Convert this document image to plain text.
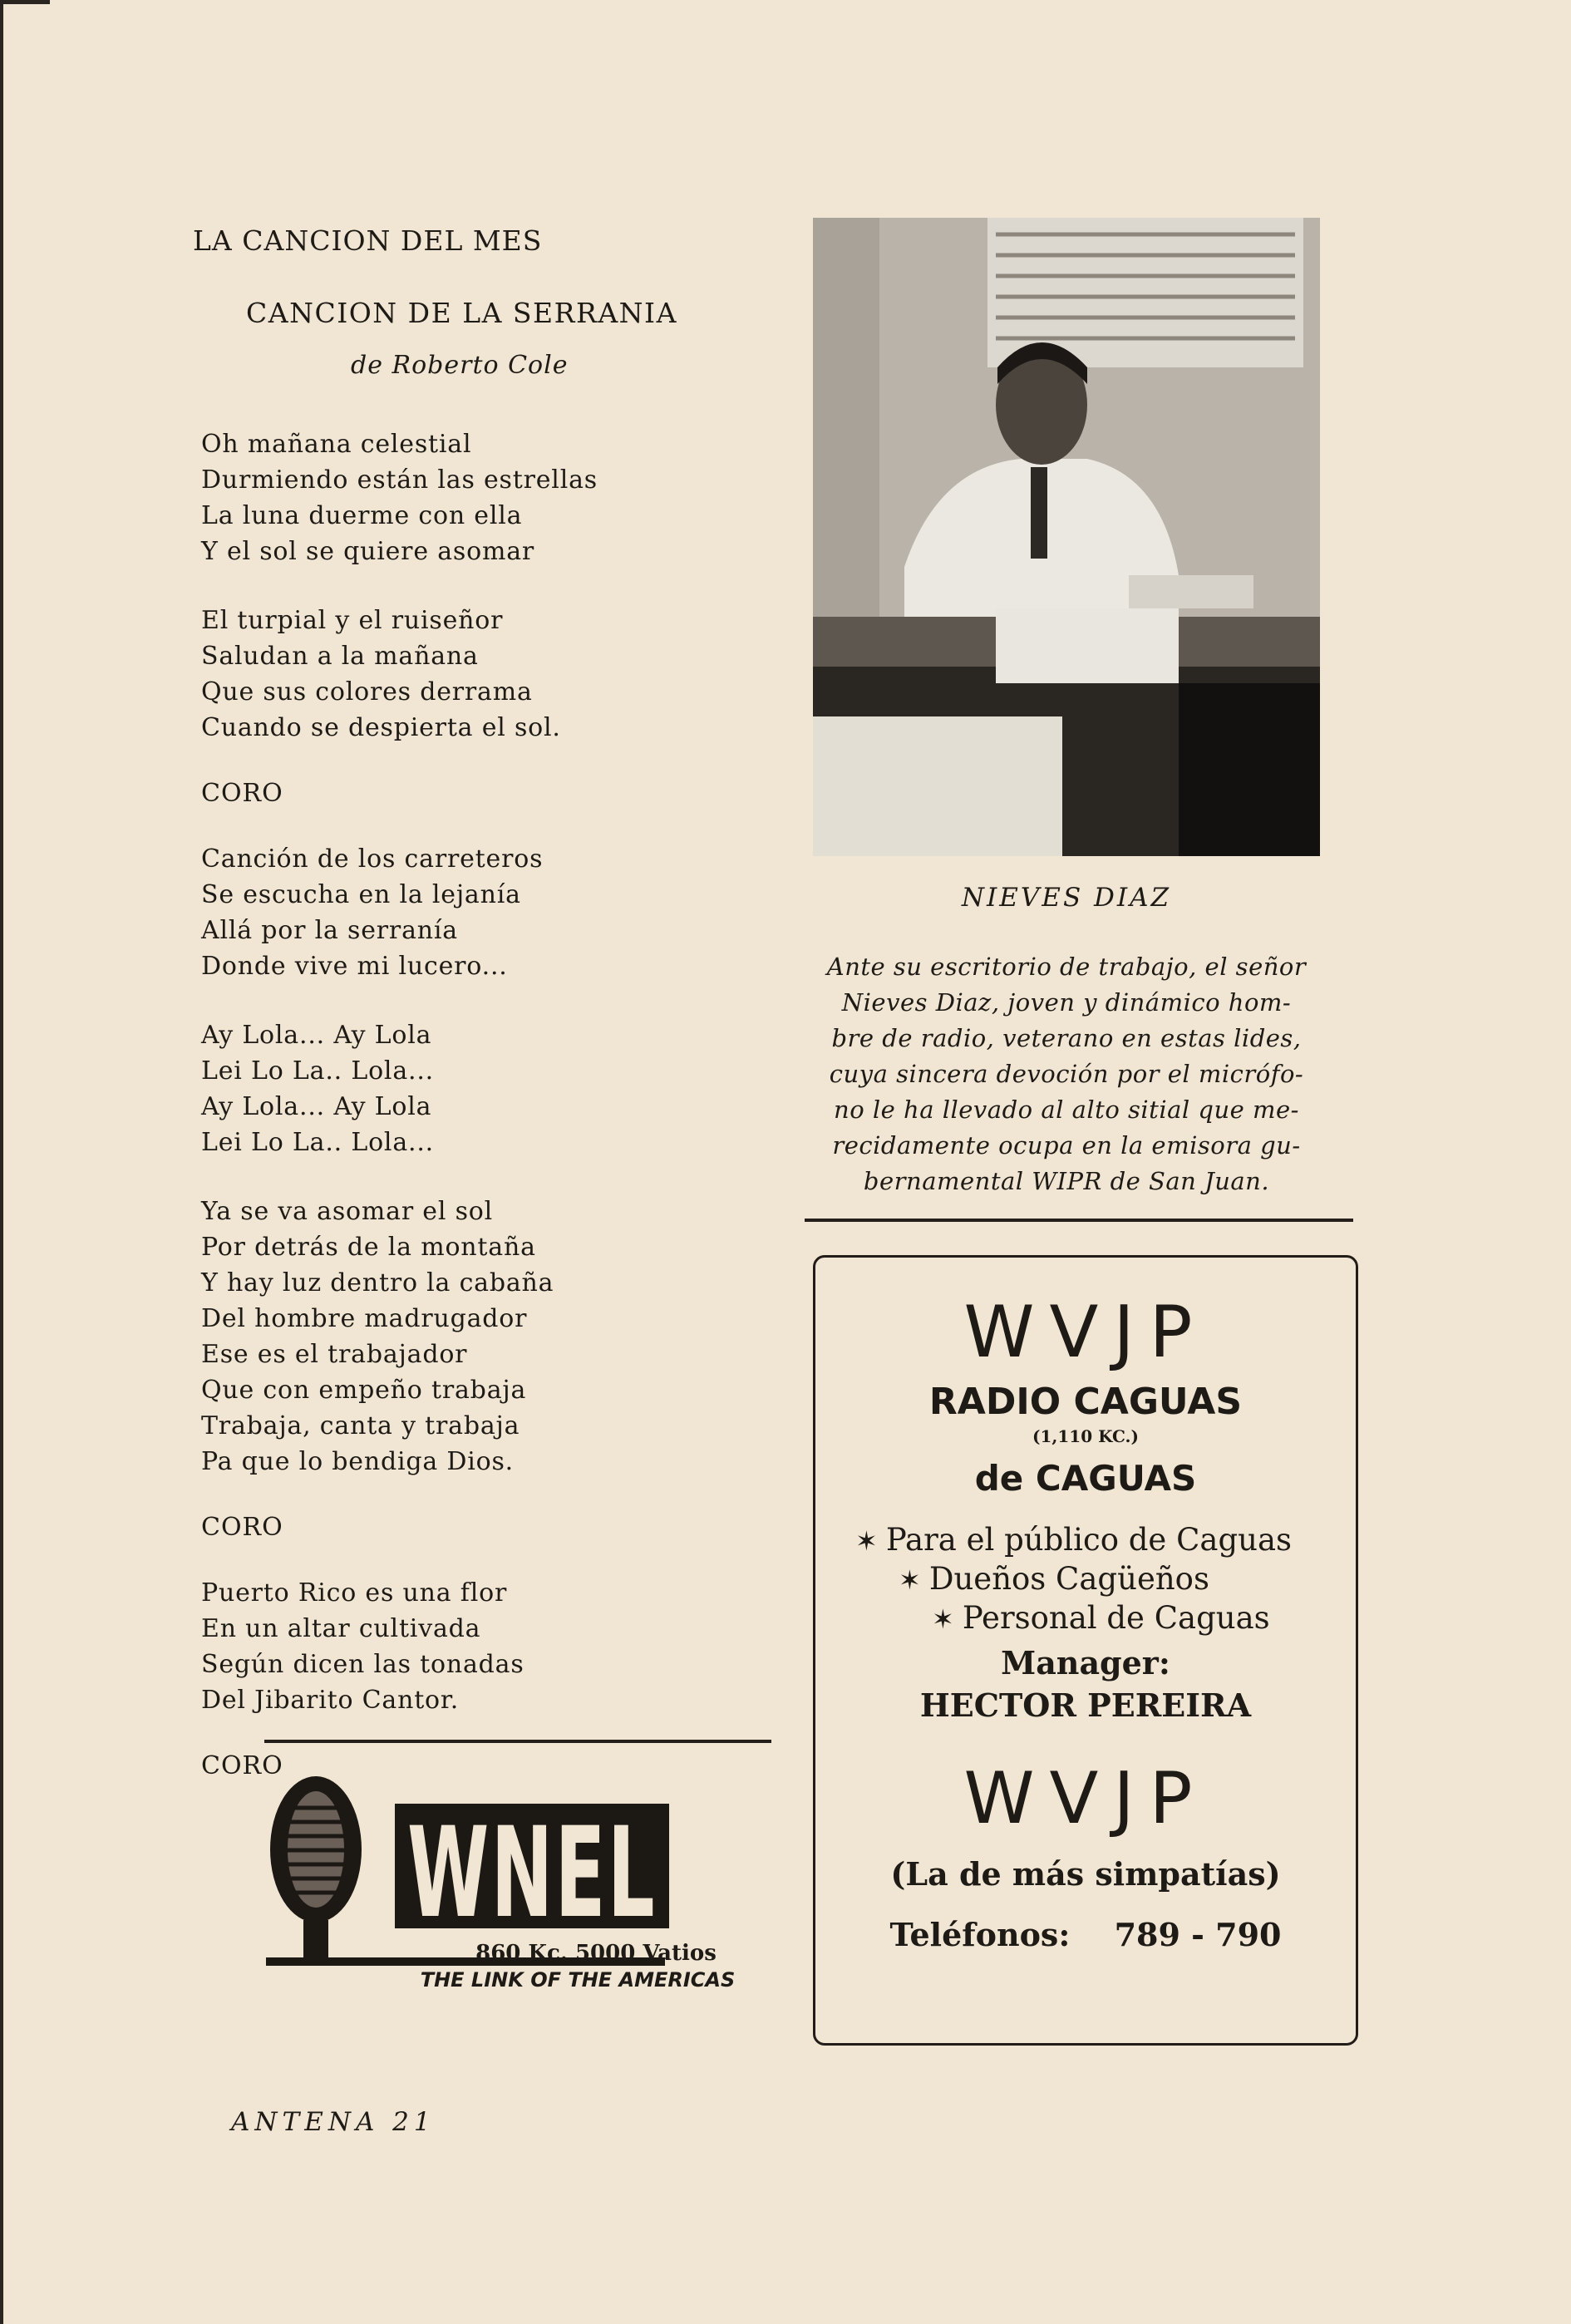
LA CANCION DEL MES
CANCION DE LA SERRANIA
de Roberto Cole
Oh mañana celestial
Durmiendo están las estrellas
La luna duerme con ella
Y el sol se quiere asomar
El turpial y el ruiseñor
Saludan a la mañana
Que sus colores derrama
Cuando se despierta el sol.
CORO
Canción de los carreteros
Se escucha en la lejanía
Allá por la serranía
Donde vive mi lucero...
Ay Lola... Ay Lola
Lei Lo La.. Lola...
Ay Lola... Ay Lola
Lei Lo La.. Lola...
Ya se va asomar el sol
Por detrás de la montaña
Y hay luz dentro la cabaña
Del hombre madrugador
Ese es el trabajador
Que con empeño trabaja
Trabaja, canta y trabaja
Pa que lo bendiga Dios.
CORO
Puerto Rico es una flor
En un altar cultivada
Según dicen las tonadas
Del Jibarito Cantor.
CORO
WNEL
860 Kc. 5000 Vatios
THE LINK OF THE AMERICAS
NIEVES DIAZ
Ante su escritorio de trabajo, el señor
Nieves Diaz, joven y dinámico hom-
bre de radio, veterano en estas lides,
cuya sincera devoción por el micrófo-
no le ha llevado al alto sitial que me-
recidamente ocupa en la emisora gu-
bernamental WIPR de San Juan.
WVJP
RADIO CAGUAS
(1,110 KC.)
de CAGUAS
✶ Para el público de Caguas
✶ Dueños Cagüeños
✶ Personal de Caguas
Manager:
HECTOR PEREIRA
WVJP
(La de más simpatías)
Teléfonos: 789 - 790
ANTENA 21
